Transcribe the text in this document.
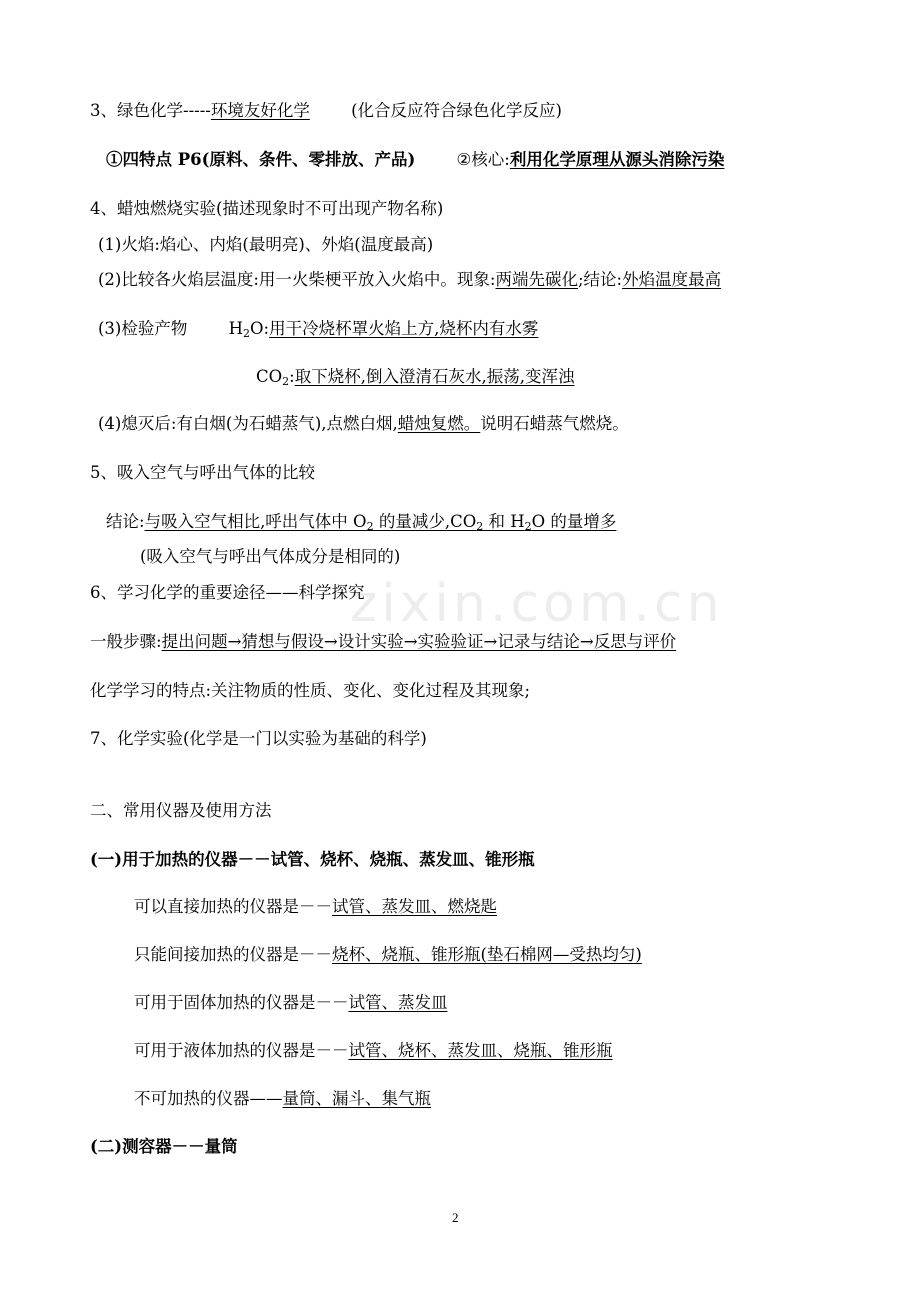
zixin.com.cn
3、绿色化学-----环境友好化学	(化合反应符合绿色化学反应)
①四特点 P6(原料、条件、零排放、产品)	②核心:利用化学原理从源头消除污染
4、蜡烛燃烧实验(描述现象时不可出现产物名称)
(1)火焰:焰心、内焰(最明亮)、外焰(温度最高)
(2)比较各火焰层温度:用一火柴梗平放入火焰中。现象:两端先碳化;结论:外焰温度最高
(3)检验产物	$H_2O$:用干冷烧杯罩火焰上方,烧杯内有水雾
$CO_2$:取下烧杯,倒入澄清石灰水,振荡,变浑浊
(4)熄灭后:有白烟(为石蜡蒸气),点燃白烟,蜡烛复燃。说明石蜡蒸气燃烧。
5、吸入空气与呼出气体的比较
结论:与吸入空气相比,呼出气体中 $O_2$ 的量减少$,CO_2$ 和 $H_2O$ 的量增多
(吸入空气与呼出气体成分是相同的)
6、学习化学的重要途径——科学探究
一般步骤:提出问题→猜想与假设→设计实验→实验验证→记录与结论→反思与评价
化学学习的特点:关注物质的性质、变化、变化过程及其现象;
7、化学实验(化学是一门以实验为基础的科学)
二、常用仪器及使用方法
(一)用于加热的仪器－－试管、烧杯、烧瓶、蒸发皿、锥形瓶
可以直接加热的仪器是－－试管、蒸发皿、燃烧匙
只能间接加热的仪器是－－烧杯、烧瓶、锥形瓶(垫石棉网—受热均匀)
可用于固体加热的仪器是－－试管、蒸发皿
可用于液体加热的仪器是－－试管、烧杯、蒸发皿、烧瓶、锥形瓶
不可加热的仪器——量筒、漏斗、集气瓶
(二)测容器－－量筒
2
